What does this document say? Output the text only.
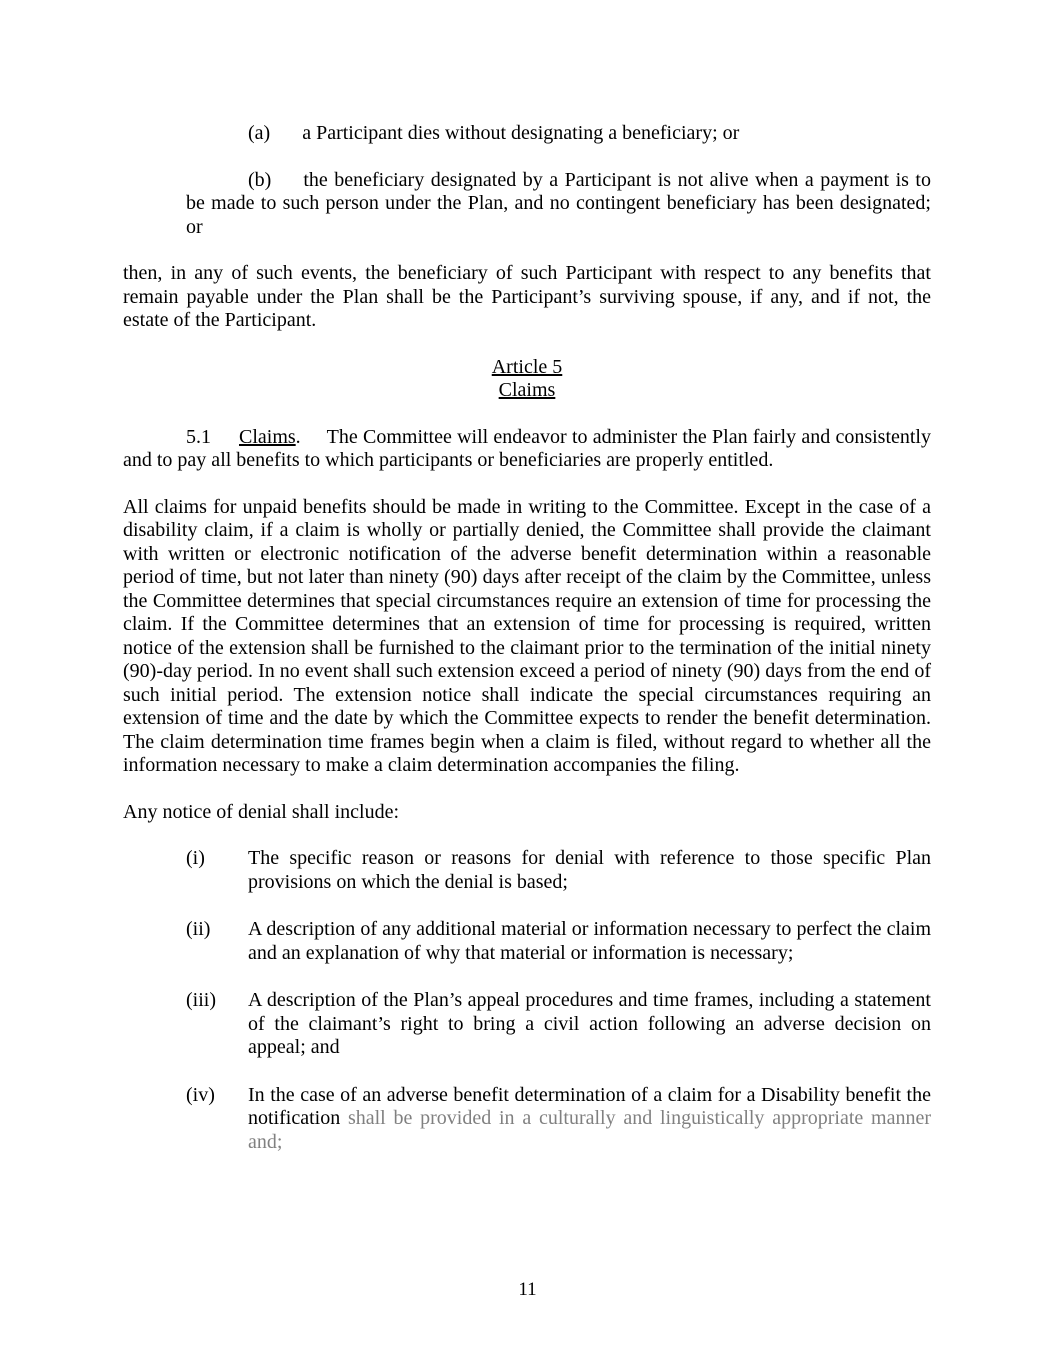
(a) a Participant dies without designating a beneficiary; or

(b) the beneficiary designated by a Participant is not alive when a payment is to be made to such person under the Plan, and no contingent beneficiary has been designated; or

then, in any of such events, the beneficiary of such Participant with respect to any benefits that remain payable under the Plan shall be the Participant’s surviving spouse, if any, and if not, the estate of the Participant.

Article 5

Claims

5.1 Claims. The Committee will endeavor to administer the Plan fairly and consistently and to pay all benefits to which participants or beneficiaries are properly entitled.

All claims for unpaid benefits should be made in writing to the Committee. Except in the case of a disability claim, if a claim is wholly or partially denied, the Committee shall provide the claimant with written or electronic notification of the adverse benefit determination within a reasonable period of time, but not later than ninety (90) days after receipt of the claim by the Committee, unless the Committee determines that special circumstances require an extension of time for processing the claim. If the Committee determines that an extension of time for processing is required, written notice of the extension shall be furnished to the claimant prior to the termination of the initial ninety (90)-day period. In no event shall such extension exceed a period of ninety (90) days from the end of such initial period. The extension notice shall indicate the special circumstances requiring an extension of time and the date by which the Committee expects to render the benefit determination. The claim determination time frames begin when a claim is filed, without regard to whether all the information necessary to make a claim determination accompanies the filing.

Any notice of denial shall include:

(i) The specific reason or reasons for denial with reference to those specific Plan provisions on which the denial is based;
(ii) A description of any additional material or information necessary to perfect the claim and an explanation of why that material or information is necessary;
(iii) A description of the Plan’s appeal procedures and time frames, including a statement of the claimant’s right to bring a civil action following an adverse decision on appeal; and
(iv) In the case of an adverse benefit determination of a claim for a Disability benefit the notification shall be provided in a culturally and linguistically appropriate manner and;
11
